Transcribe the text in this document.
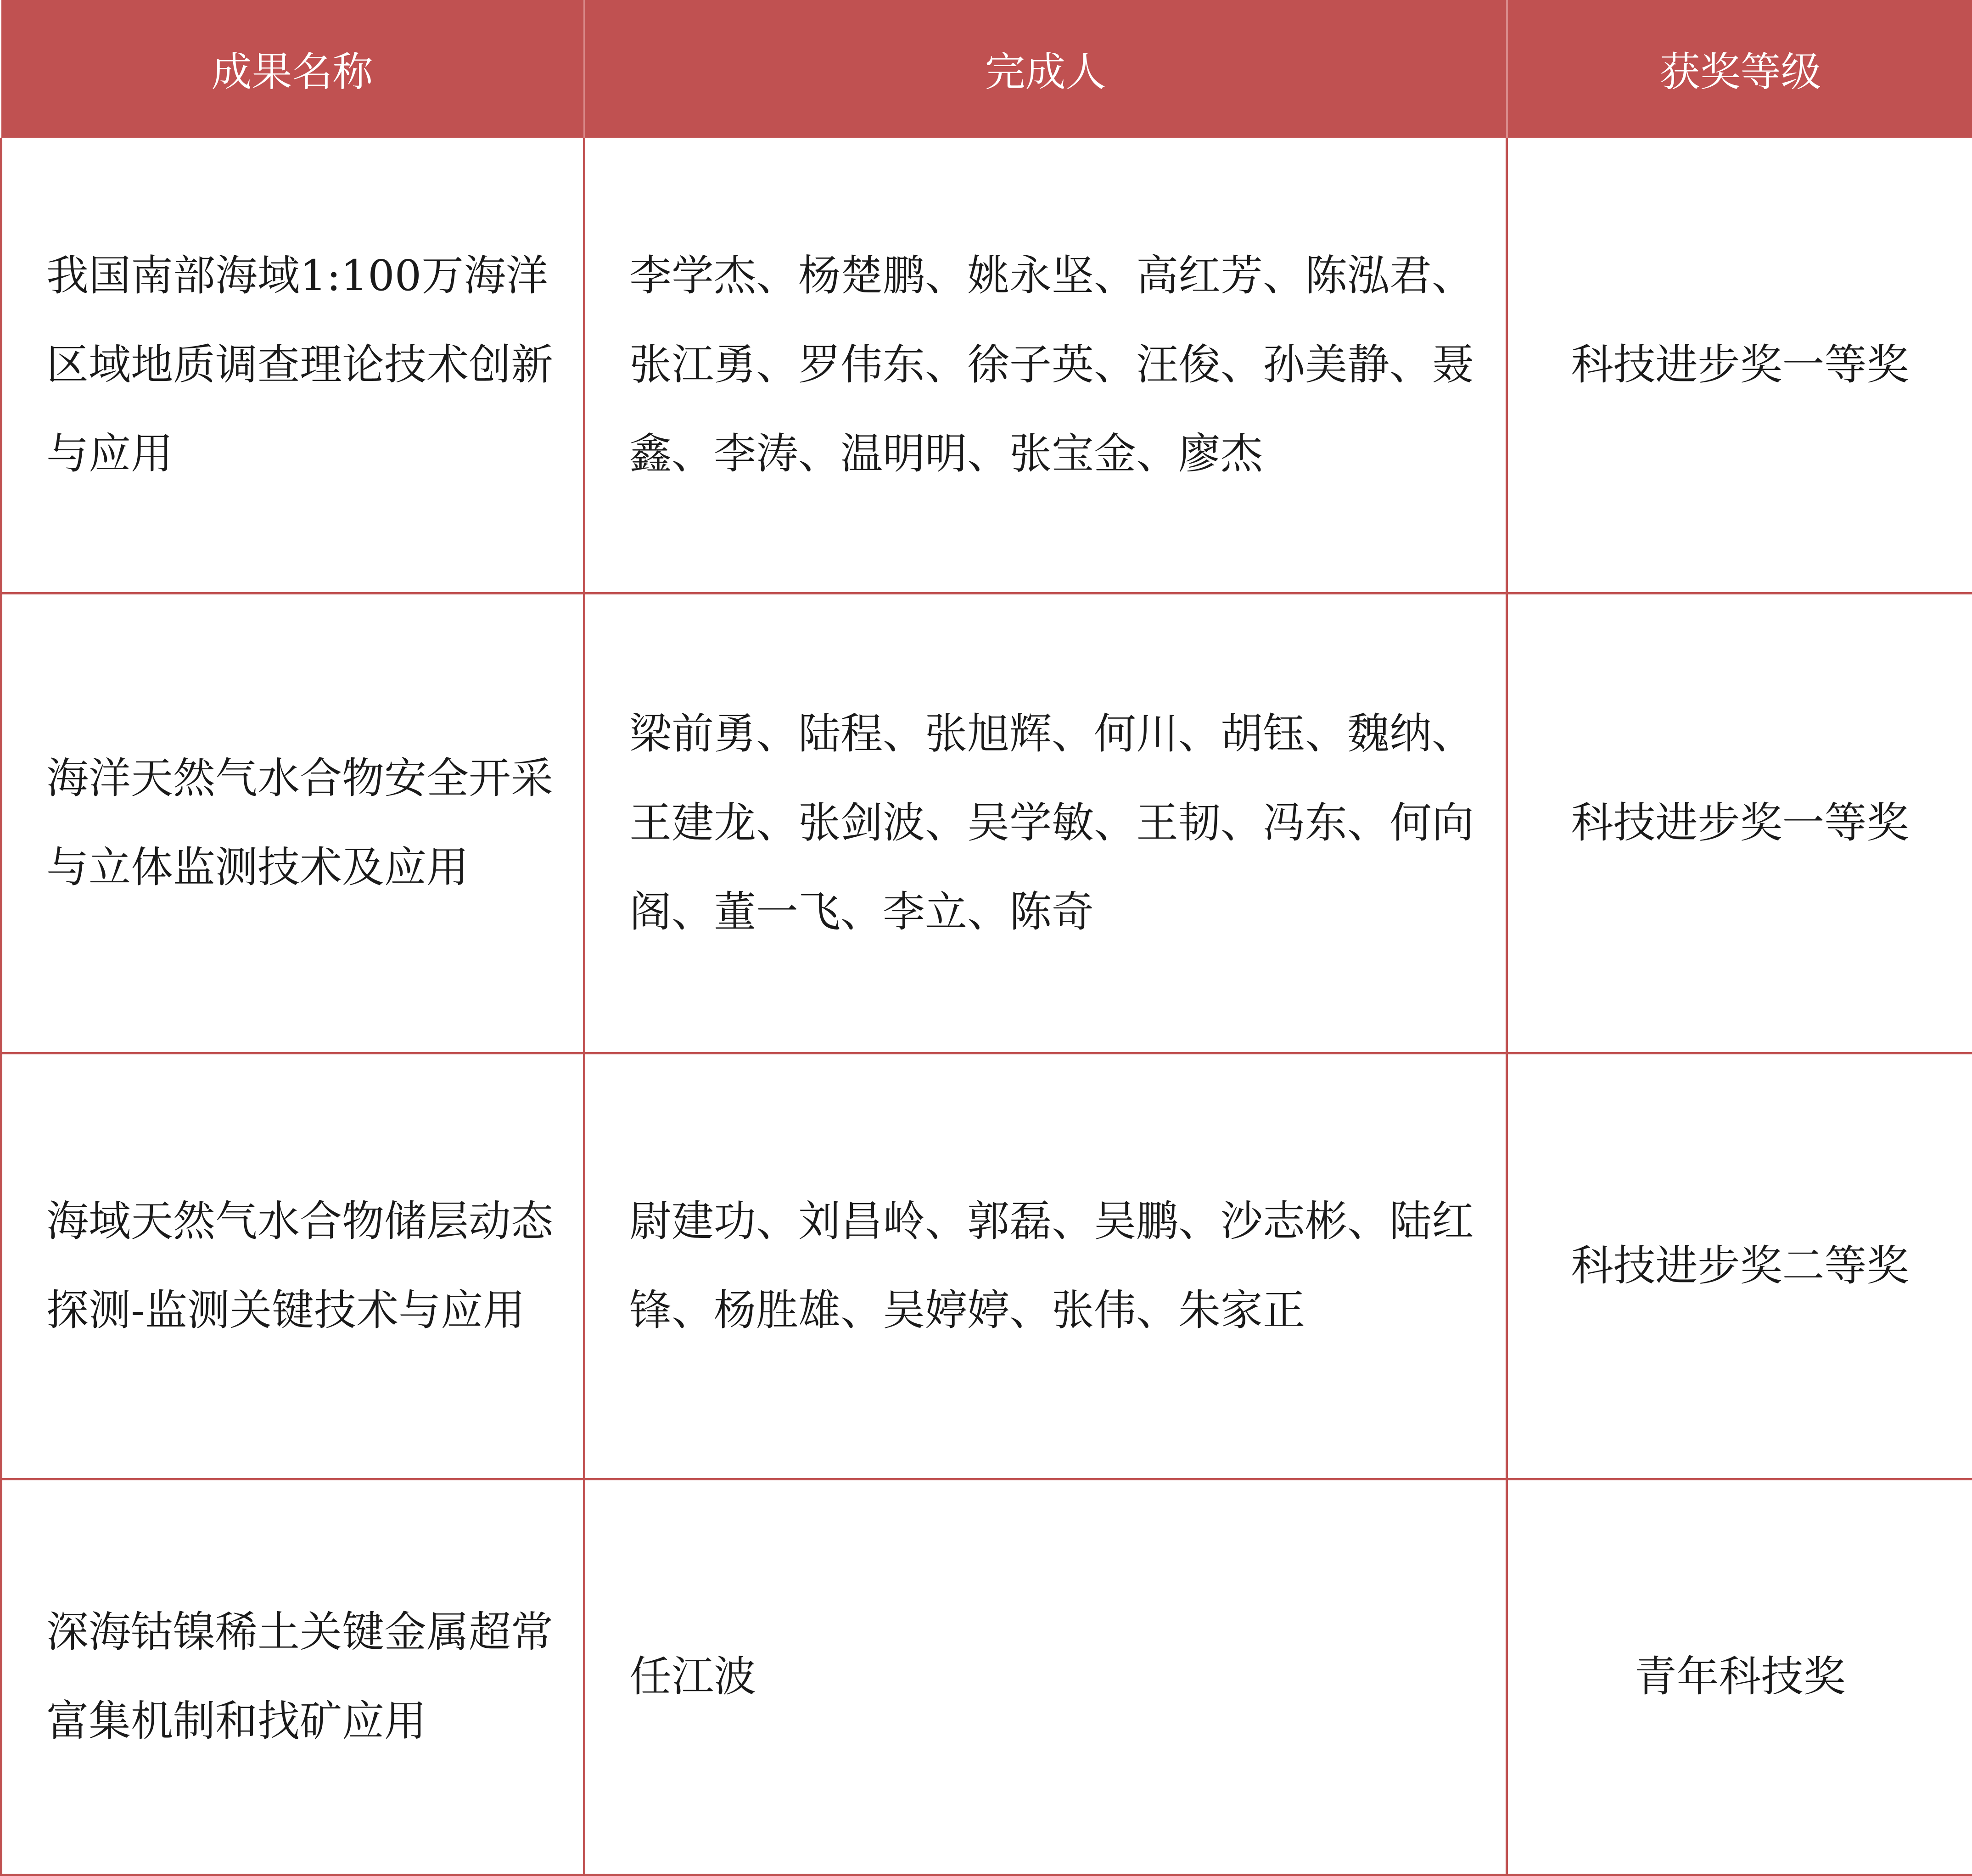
成果名称	完成人	获奖等级
我国南部海域1:100万海洋区域地质调查理论技术创新与应用	李学杰、杨楚鹏、姚永坚、高红芳、陈泓君、张江勇、罗伟东、徐子英、汪俊、孙美静、聂鑫、李涛、温明明、张宝金、廖杰	科技进步奖一等奖
海洋天然气水合物安全开采与立体监测技术及应用	梁前勇、陆程、张旭辉、何川、胡钰、魏纳、王建龙、张剑波、吴学敏、王韧、冯东、何向阁、董一飞、李立、陈奇	科技进步奖一等奖
海域天然气水合物储层动态探测-监测关键技术与应用	尉建功、刘昌岭、郭磊、吴鹏、沙志彬、陆红锋、杨胜雄、吴婷婷、张伟、朱家正	科技进步奖二等奖
深海钴镍稀土关键金属超常富集机制和找矿应用	任江波	青年科技奖
